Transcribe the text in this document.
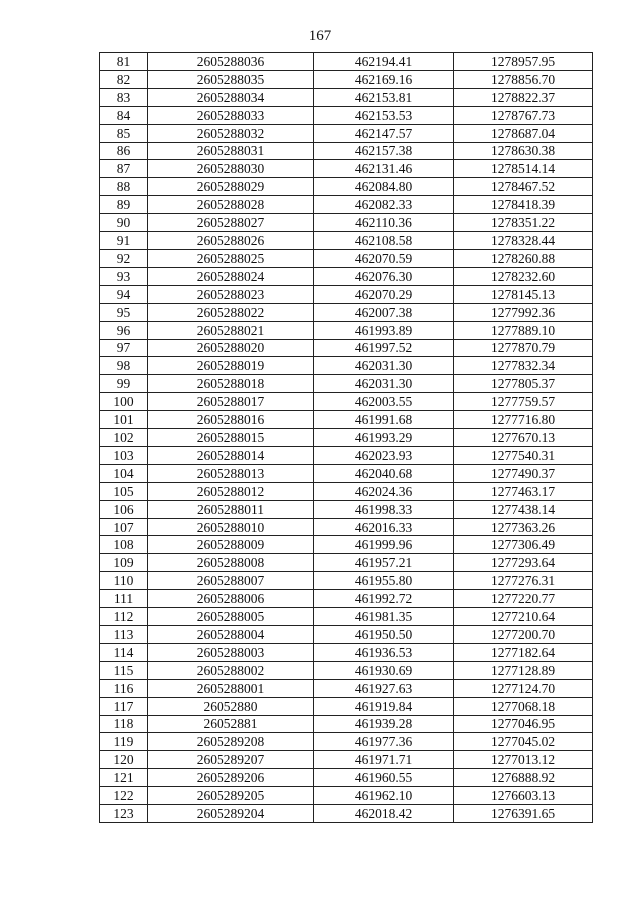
167
81	2605288036	462194.41	1278957.95
82	2605288035	462169.16	1278856.70
83	2605288034	462153.81	1278822.37
84	2605288033	462153.53	1278767.73
85	2605288032	462147.57	1278687.04
86	2605288031	462157.38	1278630.38
87	2605288030	462131.46	1278514.14
88	2605288029	462084.80	1278467.52
89	2605288028	462082.33	1278418.39
90	2605288027	462110.36	1278351.22
91	2605288026	462108.58	1278328.44
92	2605288025	462070.59	1278260.88
93	2605288024	462076.30	1278232.60
94	2605288023	462070.29	1278145.13
95	2605288022	462007.38	1277992.36
96	2605288021	461993.89	1277889.10
97	2605288020	461997.52	1277870.79
98	2605288019	462031.30	1277832.34
99	2605288018	462031.30	1277805.37
100	2605288017	462003.55	1277759.57
101	2605288016	461991.68	1277716.80
102	2605288015	461993.29	1277670.13
103	2605288014	462023.93	1277540.31
104	2605288013	462040.68	1277490.37
105	2605288012	462024.36	1277463.17
106	2605288011	461998.33	1277438.14
107	2605288010	462016.33	1277363.26
108	2605288009	461999.96	1277306.49
109	2605288008	461957.21	1277293.64
110	2605288007	461955.80	1277276.31
111	2605288006	461992.72	1277220.77
112	2605288005	461981.35	1277210.64
113	2605288004	461950.50	1277200.70
114	2605288003	461936.53	1277182.64
115	2605288002	461930.69	1277128.89
116	2605288001	461927.63	1277124.70
117	26052880	461919.84	1277068.18
118	26052881	461939.28	1277046.95
119	2605289208	461977.36	1277045.02
120	2605289207	461971.71	1277013.12
121	2605289206	461960.55	1276888.92
122	2605289205	461962.10	1276603.13
123	2605289204	462018.42	1276391.65
